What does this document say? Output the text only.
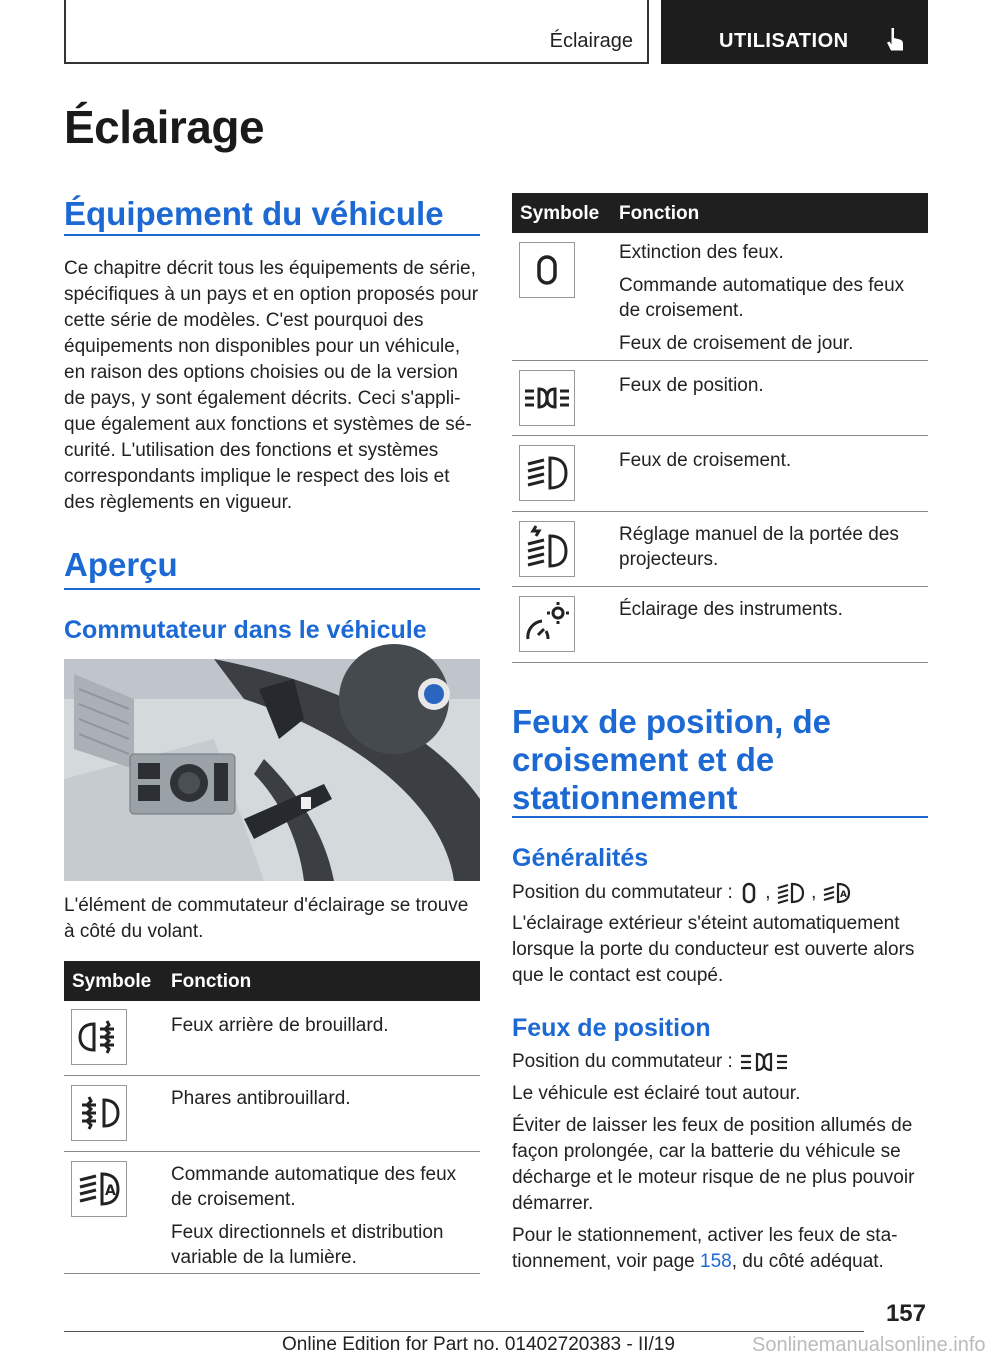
Éclairage	UTILISATION
Éclairage
Équipement du véhicule
Ce chapitre décrit tous les équipements de série, spécifiques à un pays et en option proposés pour cette série de modèles. C'est pourquoi des équipements non disponibles pour un véhicule, en raison des options choisies ou de la version de pays, y sont également décrits. Ceci s'applique également aux fonctions et systèmes de sécurité. L'utilisation des fonctions et systèmes correspondants implique le respect des lois et des règlements en vigueur.
Aperçu
Commutateur dans le véhicule
L'élément de commutateur d'éclairage se trouve à côté du volant.
Symbole Fonction

Feux arrière de brouillard.

Phares antibrouillard.

A

Commande automatique des feux de croisement.

Feux directionnels et distribution variable de la lumière.

Symbole Fonction

Extinction des feux.

Commande automatique des feux de croisement.

Feux de croisement de jour.

Feux de position.

Feux de croisement.

Réglage manuel de la portée des projecteurs.

Éclairage des instruments.

Feux de position, de croisement et de stationnement
Généralités
Position du commutateur :  ,  , A
L'éclairage extérieur s'éteint automatiquement lorsque la porte du conducteur est ouverte alors que le contact est coupé.
Feux de position
Position du commutateur :

Le véhicule est éclairé tout autour.

Éviter de laisser les feux de position allumés de façon prolongée, car la batterie du véhicule se décharge et le moteur risque de ne plus pouvoir démarrer.

Pour le stationnement, activer les feux de stationnement, voir page 158, du côté adéquat.

157
Online Edition for Part no. 01402720383 - II/19	Sonlinemanualsonline.info
